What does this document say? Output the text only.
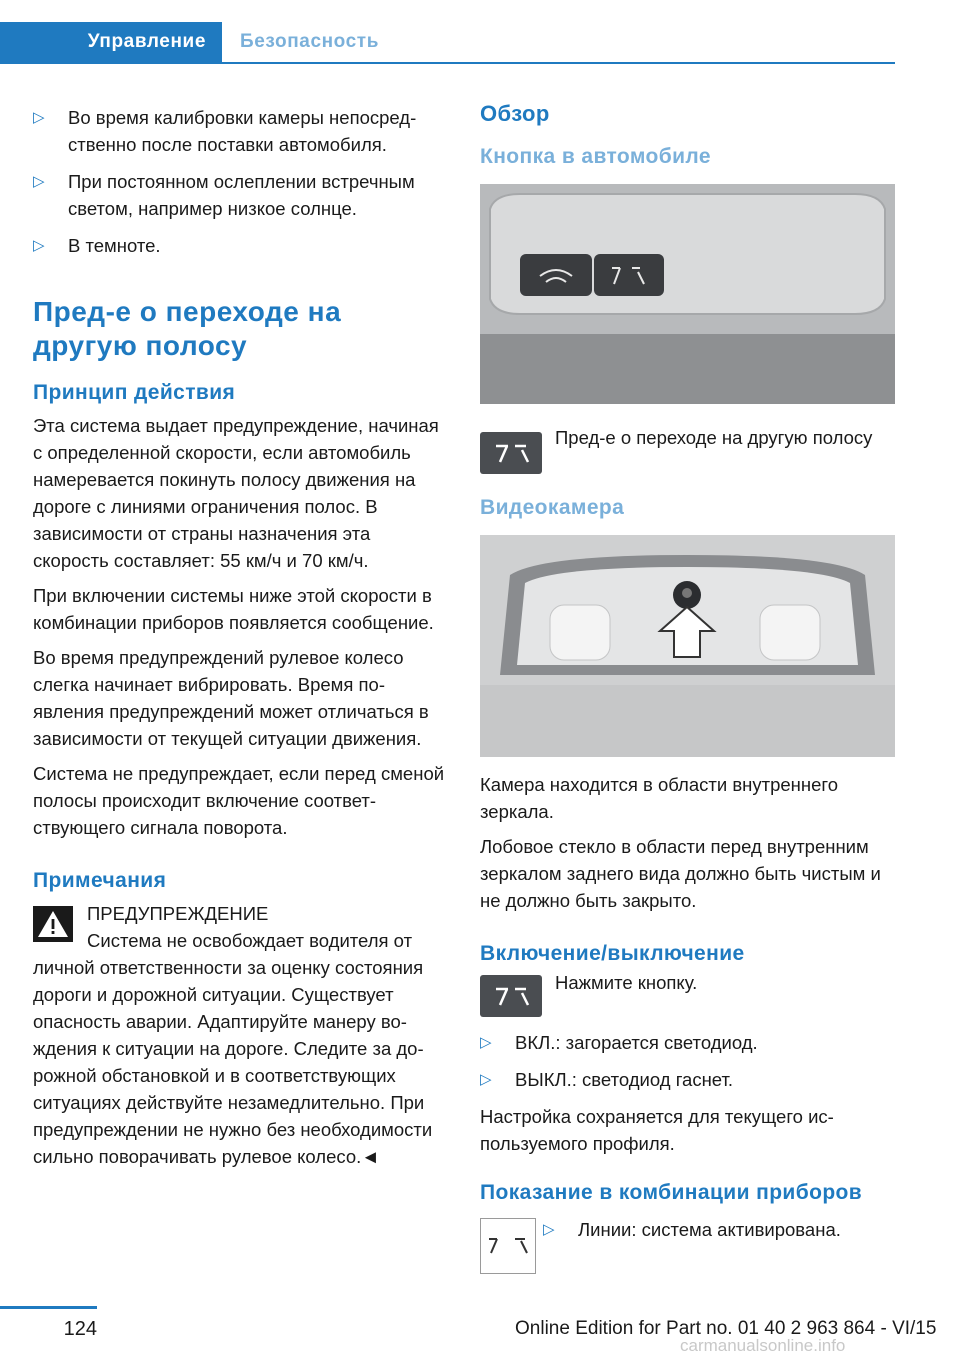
Управление	Безопасность
▷ Во время калибровки камеры непосредственно после поставки автомобиля.
▷ При постоянном ослеплении встречным светом, например низкое солнце.
▷ В темноте.
Пред-е о переходе на другую полосу
Принцип действия

Эта система выдает предупреждение, начиная с определенной скорости, если автомобиль намеревается покинуть полосу движения на дороге с линиями ограничения полос. В зависимости от страны назначения эта скорость составляет: 55 км/ч и 70 км/ч.

При включении системы ниже этой скорости в комбинации приборов появляется сообщение.

Во время предупреждений рулевое колесо слегка начинает вибрировать. Время появления предупреждений может отличаться в зависимости от текущей ситуации движения.

Система не предупреждает, если перед сменой полосы происходит включение соответствующего сигнала поворота.

Примечания
ПРЕДУПРЕЖДЕНИЕ
Система не освобождает водителя от личной ответственности за оценку состояния дороги и дорожной ситуации. Существует опасность аварии. Адаптируйте манеру вождения к ситуации на дороге. Следите за дорожной обстановкой и в соответствующих ситуациях действуйте незамедлительно. При предупреждении не нужно без необходимости сильно поворачивать рулевое колесо.◄
Обзор
Кнопка в автомобиле
Пред-е о переходе на другую полосу
Видеокамера

Камера находится в области внутреннего зеркала.

Лобовое стекло в области перед внутренним зеркалом заднего вида должно быть чистым и не должно быть закрыто.

Включение/выключение
Нажмите кнопку.
▷ ВКЛ.: загорается светодиод.
▷ ВЫКЛ.: светодиод гаснет.

Настройка сохраняется для текущего используемого профиля.

Показание в комбинации приборов
▷ Линии: система активирована.
124	Online Edition for Part no. 01 40 2 963 864 - VI/15
carmanualsonline.info
